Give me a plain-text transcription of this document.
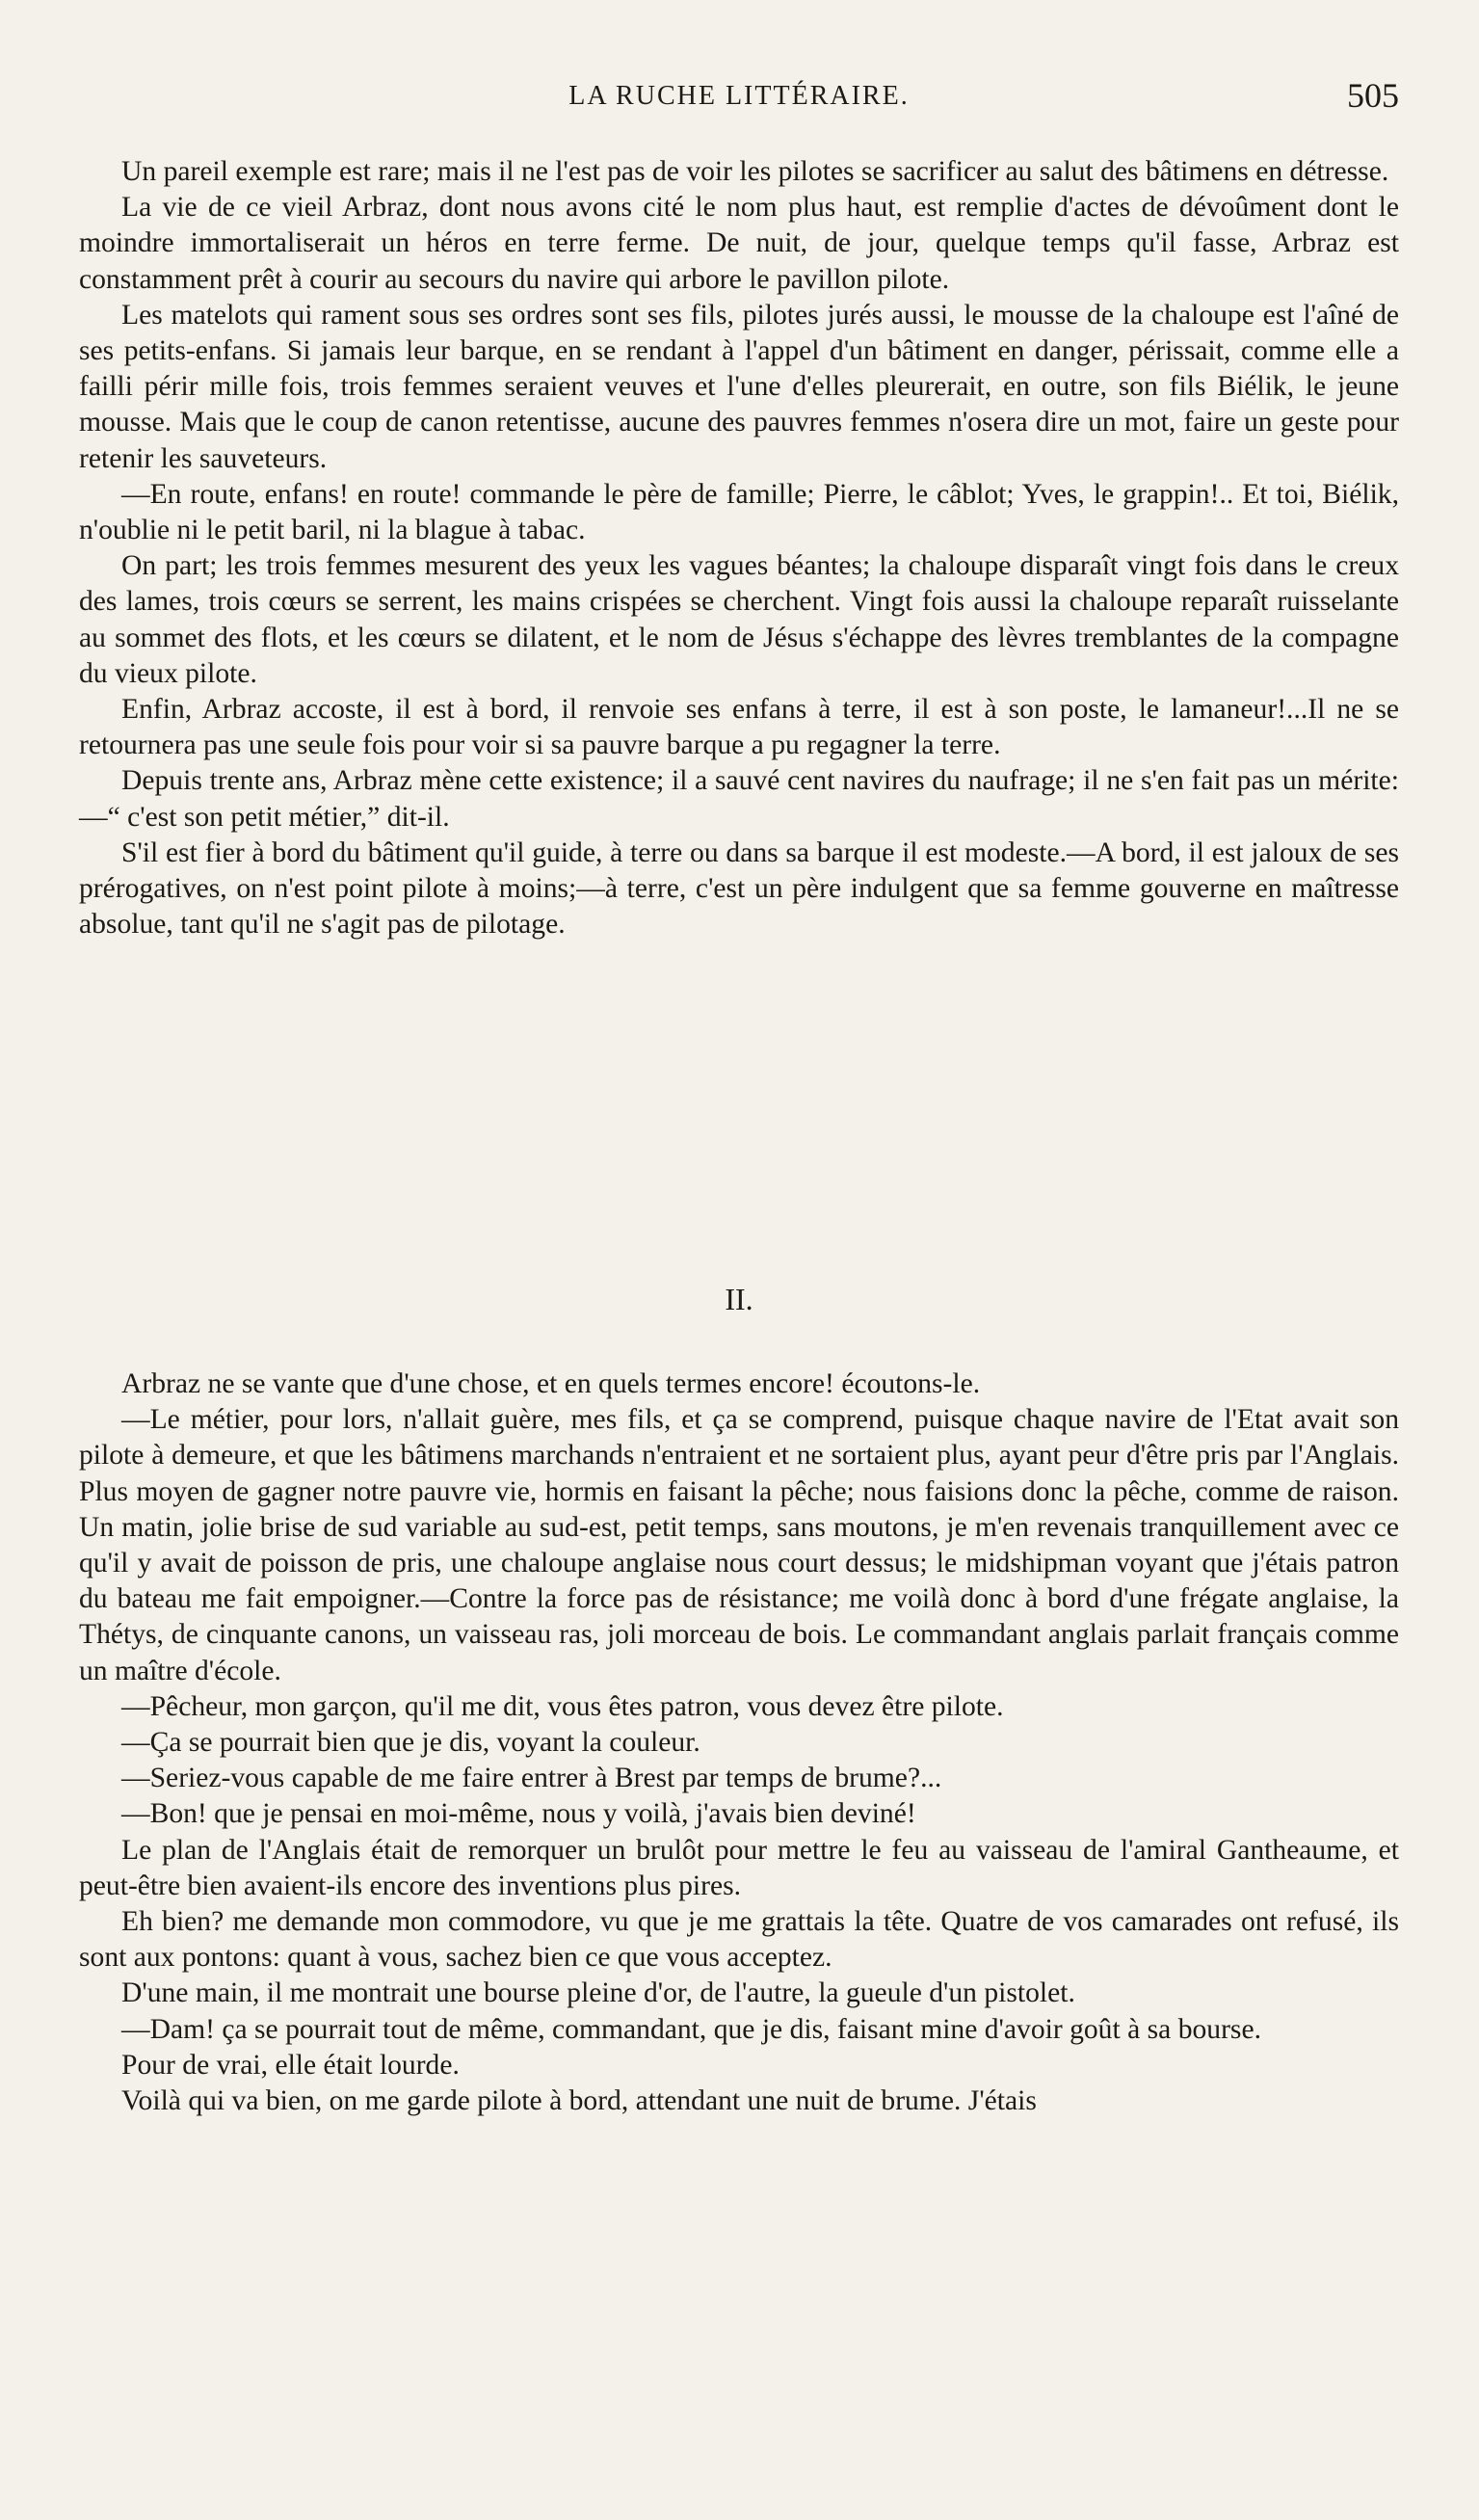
LA RUCHE LITTÉRAIRE.	505

Un pareil exemple est rare; mais il ne l'est pas de voir les pilotes se sacrificer au salut des bâtimens en détresse.

La vie de ce vieil Arbraz, dont nous avons cité le nom plus haut, est remplie d'actes de dévoûment dont le moindre immortaliserait un héros en terre ferme. De nuit, de jour, quelque temps qu'il fasse, Arbraz est constamment prêt à courir au secours du navire qui arbore le pavillon pilote.

Les matelots qui rament sous ses ordres sont ses fils, pilotes jurés aussi, le mousse de la chaloupe est l'aîné de ses petits-enfans. Si jamais leur barque, en se rendant à l'appel d'un bâtiment en danger, périssait, comme elle a failli périr mille fois, trois femmes seraient veuves et l'une d'elles pleurerait, en outre, son fils Biélik, le jeune mousse. Mais que le coup de canon retentisse, aucune des pauvres femmes n'osera dire un mot, faire un geste pour retenir les sauveteurs.

—En route, enfans! en route! commande le père de famille; Pierre, le câblot; Yves, le grappin!.. Et toi, Biélik, n'oublie ni le petit baril, ni la blague à tabac.

On part; les trois femmes mesurent des yeux les vagues béantes; la chaloupe disparaît vingt fois dans le creux des lames, trois cœurs se serrent, les mains crispées se cherchent. Vingt fois aussi la chaloupe reparaît ruisselante au sommet des flots, et les cœurs se dilatent, et le nom de Jésus s'échappe des lèvres tremblantes de la compagne du vieux pilote.

Enfin, Arbraz accoste, il est à bord, il renvoie ses enfans à terre, il est à son poste, le lamaneur!...Il ne se retournera pas une seule fois pour voir si sa pauvre barque a pu regagner la terre.

Depuis trente ans, Arbraz mène cette existence; il a sauvé cent navires du naufrage; il ne s'en fait pas un mérite:—“ c'est son petit métier,” dit-il.

S'il est fier à bord du bâtiment qu'il guide, à terre ou dans sa barque il est modeste.—A bord, il est jaloux de ses prérogatives, on n'est point pilote à moins;—à terre, c'est un père indulgent que sa femme gouverne en maîtresse absolue, tant qu'il ne s'agit pas de pilotage.

II.

Arbraz ne se vante que d'une chose, et en quels termes encore! écoutons-le.

—Le métier, pour lors, n'allait guère, mes fils, et ça se comprend, puisque chaque navire de l'Etat avait son pilote à demeure, et que les bâtimens marchands n'entraient et ne sortaient plus, ayant peur d'être pris par l'Anglais. Plus moyen de gagner notre pauvre vie, hormis en faisant la pêche; nous faisions donc la pêche, comme de raison. Un matin, jolie brise de sud variable au sud-est, petit temps, sans moutons, je m'en revenais tranquillement avec ce qu'il y avait de poisson de pris, une chaloupe anglaise nous court dessus; le midshipman voyant que j'étais patron du bateau me fait empoigner.—Contre la force pas de résistance; me voilà donc à bord d'une frégate anglaise, la Thétys, de cinquante canons, un vaisseau ras, joli morceau de bois. Le commandant anglais parlait français comme un maître d'école.

—Pêcheur, mon garçon, qu'il me dit, vous êtes patron, vous devez être pilote.

—Ça se pourrait bien que je dis, voyant la couleur.

—Seriez-vous capable de me faire entrer à Brest par temps de brume?...

—Bon! que je pensai en moi-même, nous y voilà, j'avais bien deviné!

Le plan de l'Anglais était de remorquer un brulôt pour mettre le feu au vaisseau de l'amiral Gantheaume, et peut-être bien avaient-ils encore des inventions plus pires.

Eh bien? me demande mon commodore, vu que je me grattais la tête. Quatre de vos camarades ont refusé, ils sont aux pontons: quant à vous, sachez bien ce que vous acceptez.

D'une main, il me montrait une bourse pleine d'or, de l'autre, la gueule d'un pistolet.

—Dam! ça se pourrait tout de même, commandant, que je dis, faisant mine d'avoir goût à sa bourse.

Pour de vrai, elle était lourde.

Voilà qui va bien, on me garde pilote à bord, attendant une nuit de brume. J'étais
